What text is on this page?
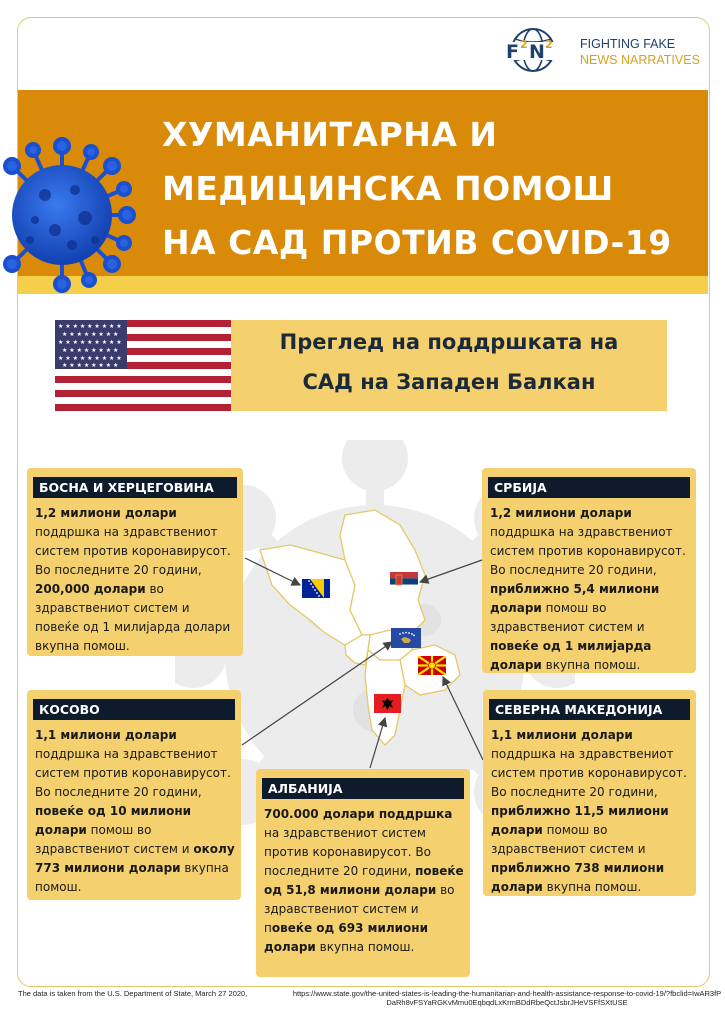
F 2 N 2 FIGHTING FAKE
NEWS NARRATIVES
ХУМАНИТАРНА И
МЕДИЦИНСКА ПОМОШ
НА САД ПРОТИВ COVID-19
★ ★ ★ ★ ★ ★ ★ ★ ★
★ ★ ★ ★ ★ ★ ★ ★
★ ★ ★ ★ ★ ★ ★ ★ ★
★ ★ ★ ★ ★ ★ ★ ★
★ ★ ★ ★ ★ ★ ★ ★ ★
★ ★ ★ ★ ★ ★ ★ ★
Преглед на поддршката на
САД на Западен Балкан
БОСНА И ХЕРЦЕГОВИНА
1,2 милиони долари поддршка на здравствениот систем против коронавирусот. Во последните 20 години, 200,000 долари во здравствениот систем и повеќе од 1 милијарда долари вкупна помош.
СРБИЈА
1,2 милиони долари поддршка на здравствениот систем против коронавирусот. Во последните 20 години, приближно 5,4 милиони долари помош во здравствениот систем и повеќе од 1 милијарда долари вкупна помош.
КОСОВО
1,1 милиони долари поддршка на здравствениот систем против коронавирусот. Во последните 20 години, повеќе од 10 милиони долари помош во здравствениот систем и околу 773 милиони долари вкупна помош.
АЛБАНИЈА
700.000 долари поддршка на здравствениот систем против коронавирусот. Во последните 20 години, повеќе од 51,8 милиони долари во здравствениот систем и повеќе од 693 милиони долари вкупна помош.
СЕВЕРНА МАКЕДОНИЈА
1,1 милиони долари поддршка на здравствениот систем против коронавирусот. Во последните 20 години, приближно 11,5 милиони долари помош во здравствениот систем и приближно 738 милиони долари вкупна помош.
The data is taken from the U.S. Department of State, March 27 2020,	https://www.state.gov/the-united-states-is-leading-the-humanitarian-and-health-assistance-response-to-covid-19/?fbclid=IwAR3fPDaRh8vFSYaRGKvMmu0EqbqdLxKrmBDdRbeQctJsbrJHeVSFfSXtUSE
